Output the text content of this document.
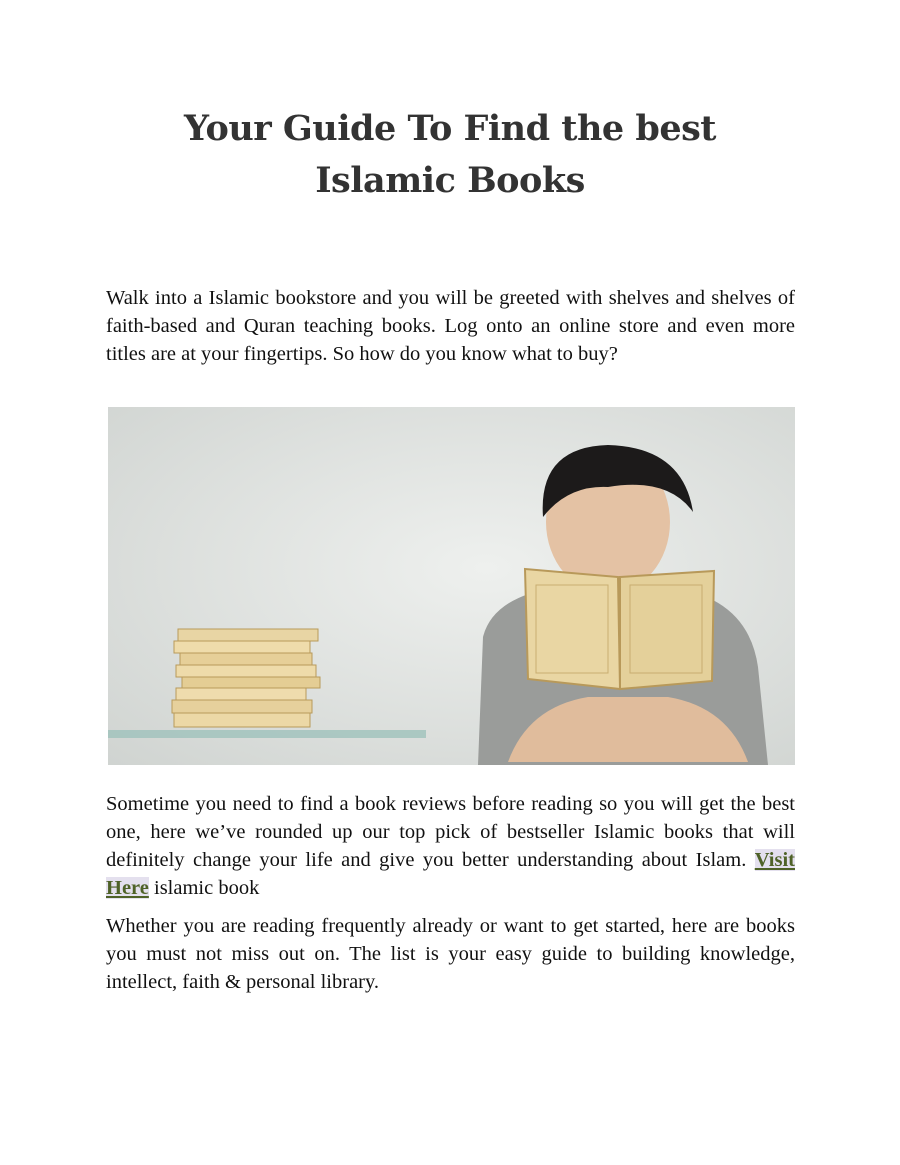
Your Guide To Find the best
Islamic Books

Walk into a Islamic bookstore and you will be greeted with shelves and shelves of faith-based and Quran teaching books. Log onto an online store and even more titles are at your fingertips. So how do you know what to buy?

Sometime you need to find a book reviews before reading so you will get the best one, here we’ve rounded up our top pick of bestseller Islamic books that will definitely change your life and give you better understanding about Islam. Visit Here islamic book

Whether you are reading frequently already or want to get started, here are books you must not miss out on. The list is your easy guide to building knowledge, intellect, faith & personal library.
